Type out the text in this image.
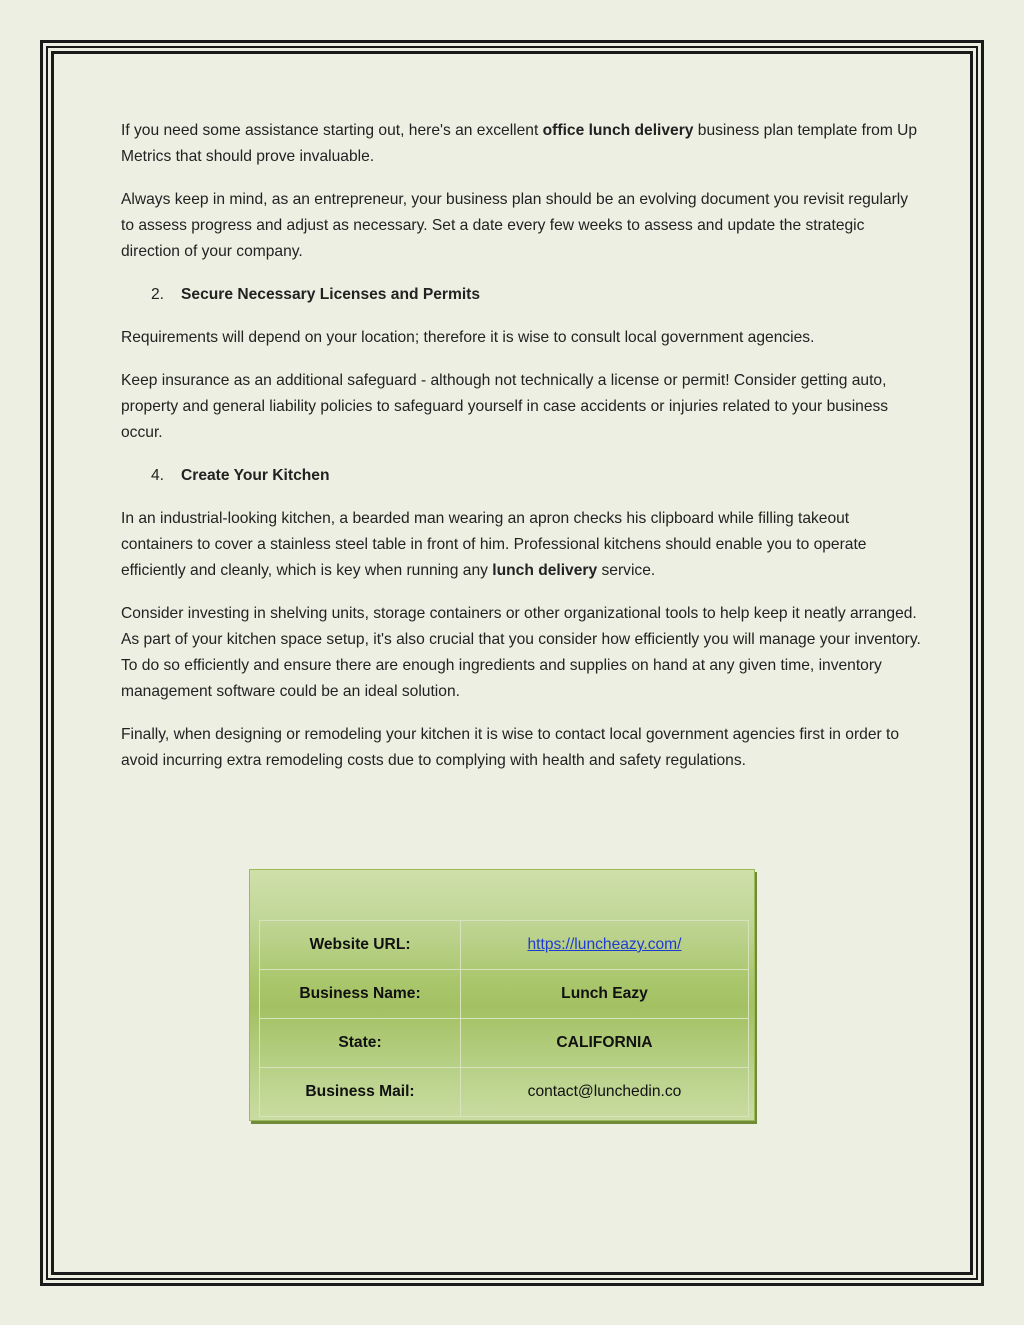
If you need some assistance starting out, here's an excellent office lunch delivery business plan template from Up Metrics that should prove invaluable.

Always keep in mind, as an entrepreneur, your business plan should be an evolving document you revisit regularly to assess progress and adjust as necessary. Set a date every few weeks to assess and update the strategic direction of your company.

2. Secure Necessary Licenses and Permits

Requirements will depend on your location; therefore it is wise to consult local government agencies.

Keep insurance as an additional safeguard - although not technically a license or permit! Consider getting auto, property and general liability policies to safeguard yourself in case accidents or injuries related to your business occur.

4. Create Your Kitchen

In an industrial-looking kitchen, a bearded man wearing an apron checks his clipboard while filling takeout containers to cover a stainless steel table in front of him. Professional kitchens should enable you to operate efficiently and cleanly, which is key when running any lunch delivery service.

Consider investing in shelving units, storage containers or other organizational tools to help keep it neatly arranged. As part of your kitchen space setup, it's also crucial that you consider how efficiently you will manage your inventory. To do so efficiently and ensure there are enough ingredients and supplies on hand at any given time, inventory management software could be an ideal solution.

Finally, when designing or remodeling your kitchen it is wise to contact local government agencies first in order to avoid incurring extra remodeling costs due to complying with health and safety regulations.

Website URL:	https://luncheazy.com/
Business Name:	Lunch Eazy
State:	CALIFORNIA
Business Mail:	contact@lunchedin.co
